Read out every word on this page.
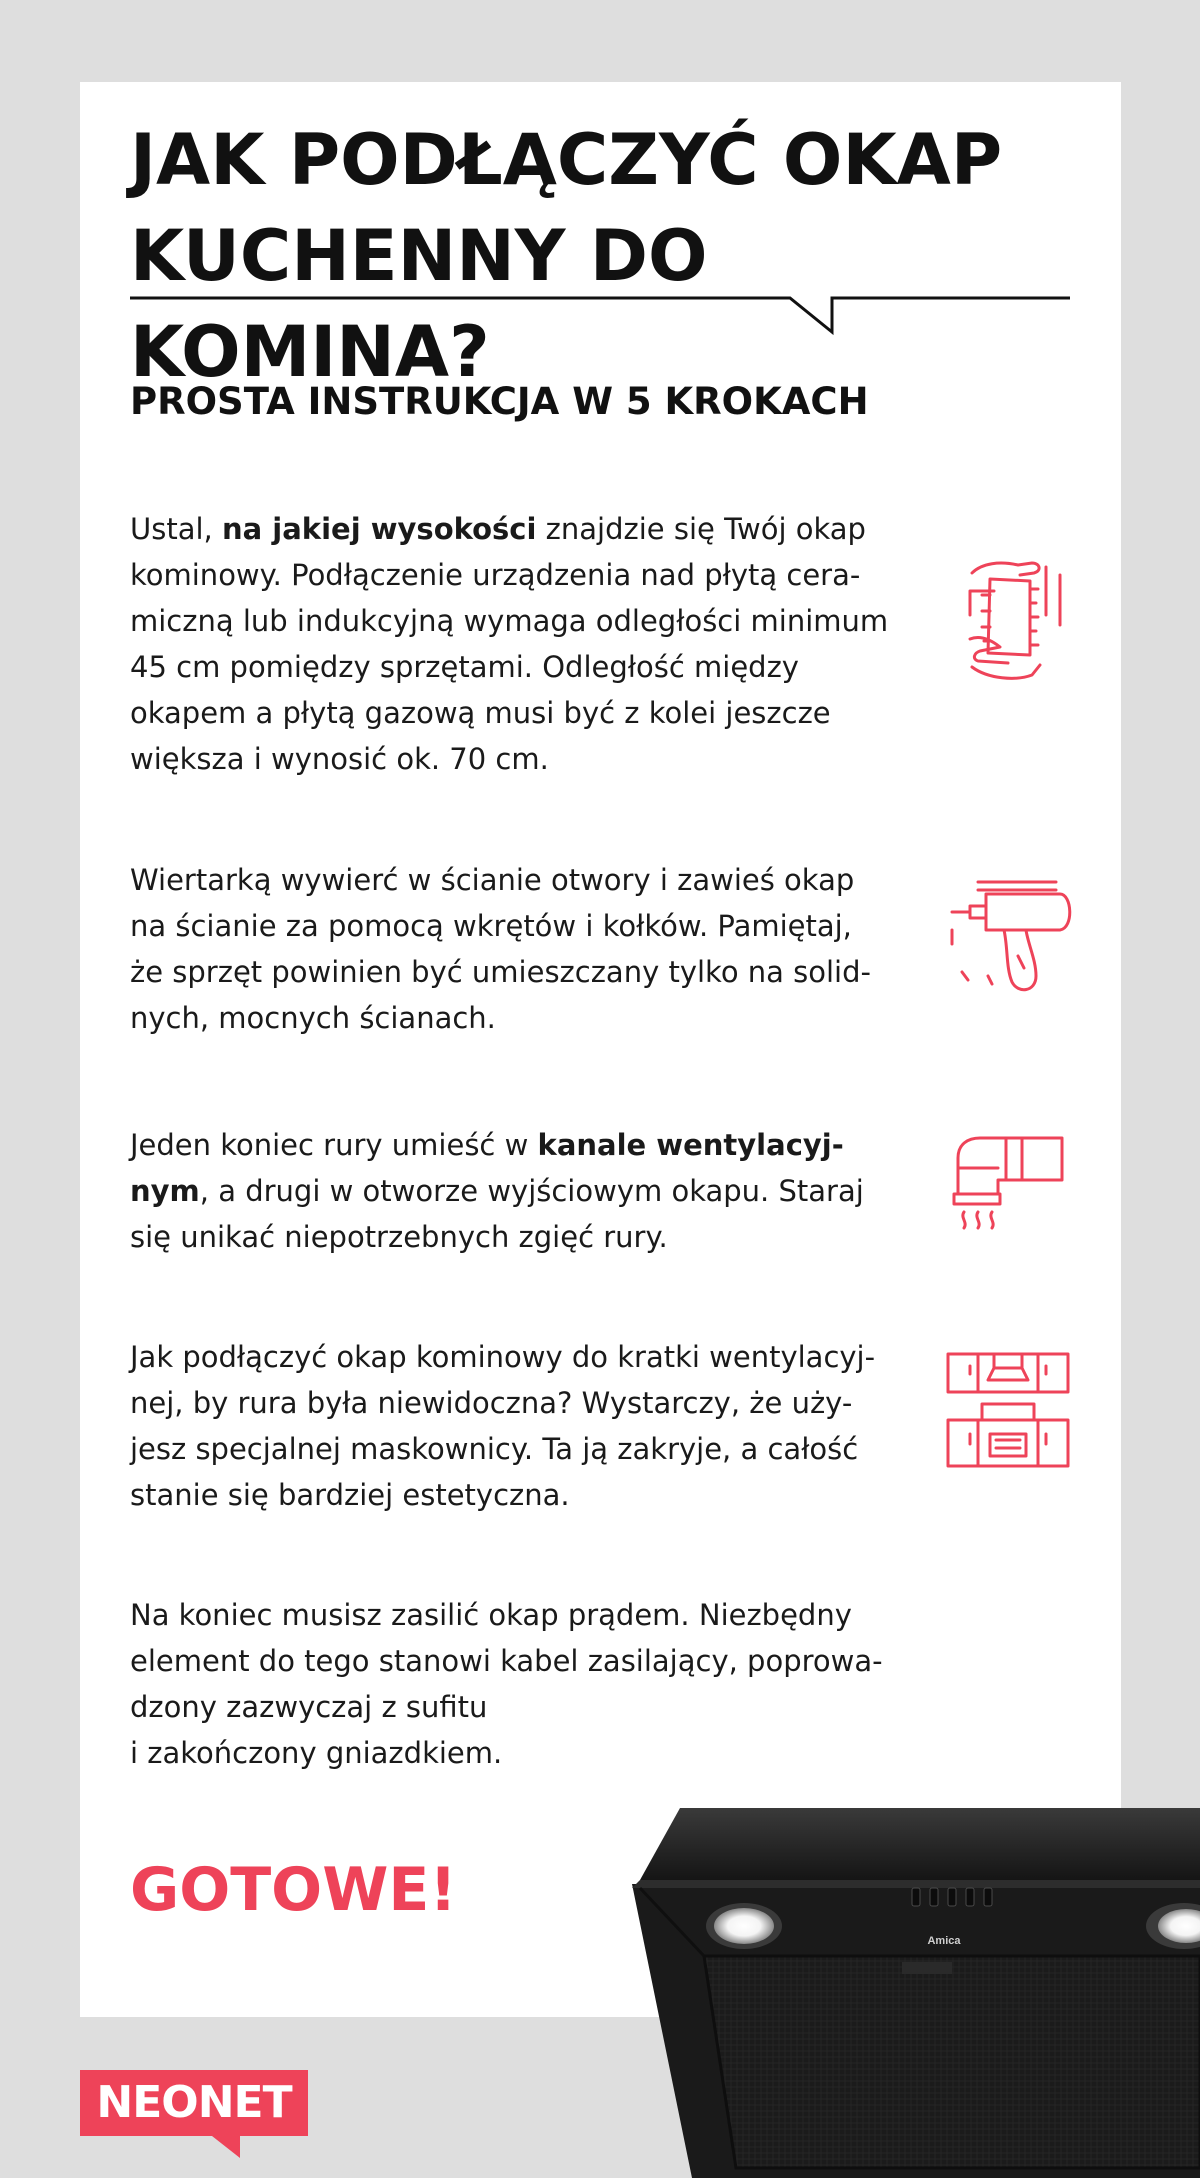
JAK PODŁĄCZYĆ OKAP
KUCHENNY DO KOMINA?
PROSTA INSTRUKCJA W 5 KROKACH

Ustal, na jakiej wysokości znajdzie się Twój okap
kominowy. Podłączenie urządzenia nad płytą cera-
miczną lub indukcyjną wymaga odległości minimum
45 cm pomiędzy sprzętami. Odległość między
okapem a płytą gazową musi być z kolei jeszcze
większa i wynosić ok. 70 cm.

Wiertarką wywierć w ścianie otwory i zawieś okap
na ścianie za pomocą wkrętów i kołków. Pamiętaj,
że sprzęt powinien być umieszczany tylko na solid-
nych, mocnych ścianach.

Jeden koniec rury umieść w kanale wentylacyj-
nym, a drugi w otworze wyjściowym okapu. Staraj
się unikać niepotrzebnych zgięć rury.

Jak podłączyć okap kominowy do kratki wentylacyj-
nej, by rura była niewidoczna? Wystarczy, że uży-
jesz specjalnej maskownicy. Ta ją zakryje, a całość
stanie się bardziej estetyczna.

Na koniec musisz zasilić okap prądem. Niezbędny
element do tego stanowi kabel zasilający, poprowa-
dzony zazwyczaj z sufitu
i zakończony gniazdkiem.

GOTOWE!
Amica
NEONET
